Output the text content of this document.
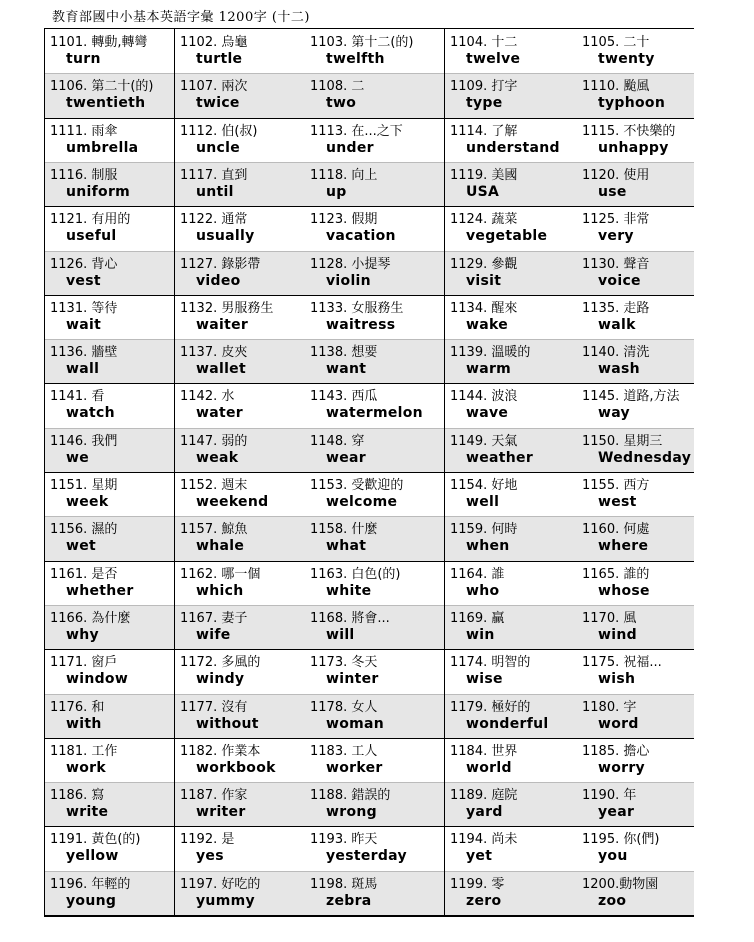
教育部國中小基本英語字彙 1200字 (十二)
1101. 轉動,轉彎
turn
1102. 烏龜
turtle
1103. 第十二(的)
twelfth
1104. 十二
twelve
1105. 二十
twenty
1106. 第二十(的)
twentieth
1107. 兩次
twice
1108. 二
two
1109. 打字
type
1110. 颱風
typhoon
1111. 雨傘
umbrella
1112. 伯(叔)
uncle
1113. 在...之下
under
1114. 了解
understand
1115. 不快樂的
unhappy
1116. 制服
uniform
1117. 直到
until
1118. 向上
up
1119. 美國
USA
1120. 使用
use
1121. 有用的
useful
1122. 通常
usually
1123. 假期
vacation
1124. 蔬菜
vegetable
1125. 非常
very
1126. 背心
vest
1127. 錄影帶
video
1128. 小提琴
violin
1129. 參觀
visit
1130. 聲音
voice
1131. 等待
wait
1132. 男服務生
waiter
1133. 女服務生
waitress
1134. 醒來
wake
1135. 走路
walk
1136. 牆壁
wall
1137. 皮夾
wallet
1138. 想要
want
1139. 溫暖的
warm
1140. 清洗
wash
1141. 看
watch
1142. 水
water
1143. 西瓜
watermelon
1144. 波浪
wave
1145. 道路,方法
way
1146. 我們
we
1147. 弱的
weak
1148. 穿
wear
1149. 天氣
weather
1150. 星期三
Wednesday
1151. 星期
week
1152. 週末
weekend
1153. 受歡迎的
welcome
1154. 好地
well
1155. 西方
west
1156. 濕的
wet
1157. 鯨魚
whale
1158. 什麼
what
1159. 何時
when
1160. 何處
where
1161. 是否
whether
1162. 哪一個
which
1163. 白色(的)
white
1164. 誰
who
1165. 誰的
whose
1166. 為什麼
why
1167. 妻子
wife
1168. 將會...
will
1169. 贏
win
1170. 風
wind
1171. 窗戶
window
1172. 多風的
windy
1173. 冬天
winter
1174. 明智的
wise
1175. 祝福...
wish
1176. 和
with
1177. 沒有
without
1178. 女人
woman
1179. 極好的
wonderful
1180. 字
word
1181. 工作
work
1182. 作業本
workbook
1183. 工人
worker
1184. 世界
world
1185. 擔心
worry
1186. 寫
write
1187. 作家
writer
1188. 錯誤的
wrong
1189. 庭院
yard
1190. 年
year
1191. 黃色(的)
yellow
1192. 是
yes
1193. 昨天
yesterday
1194. 尚未
yet
1195. 你(們)
you
1196. 年輕的
young
1197. 好吃的
yummy
1198. 斑馬
zebra
1199. 零
zero
1200.動物園
zoo
